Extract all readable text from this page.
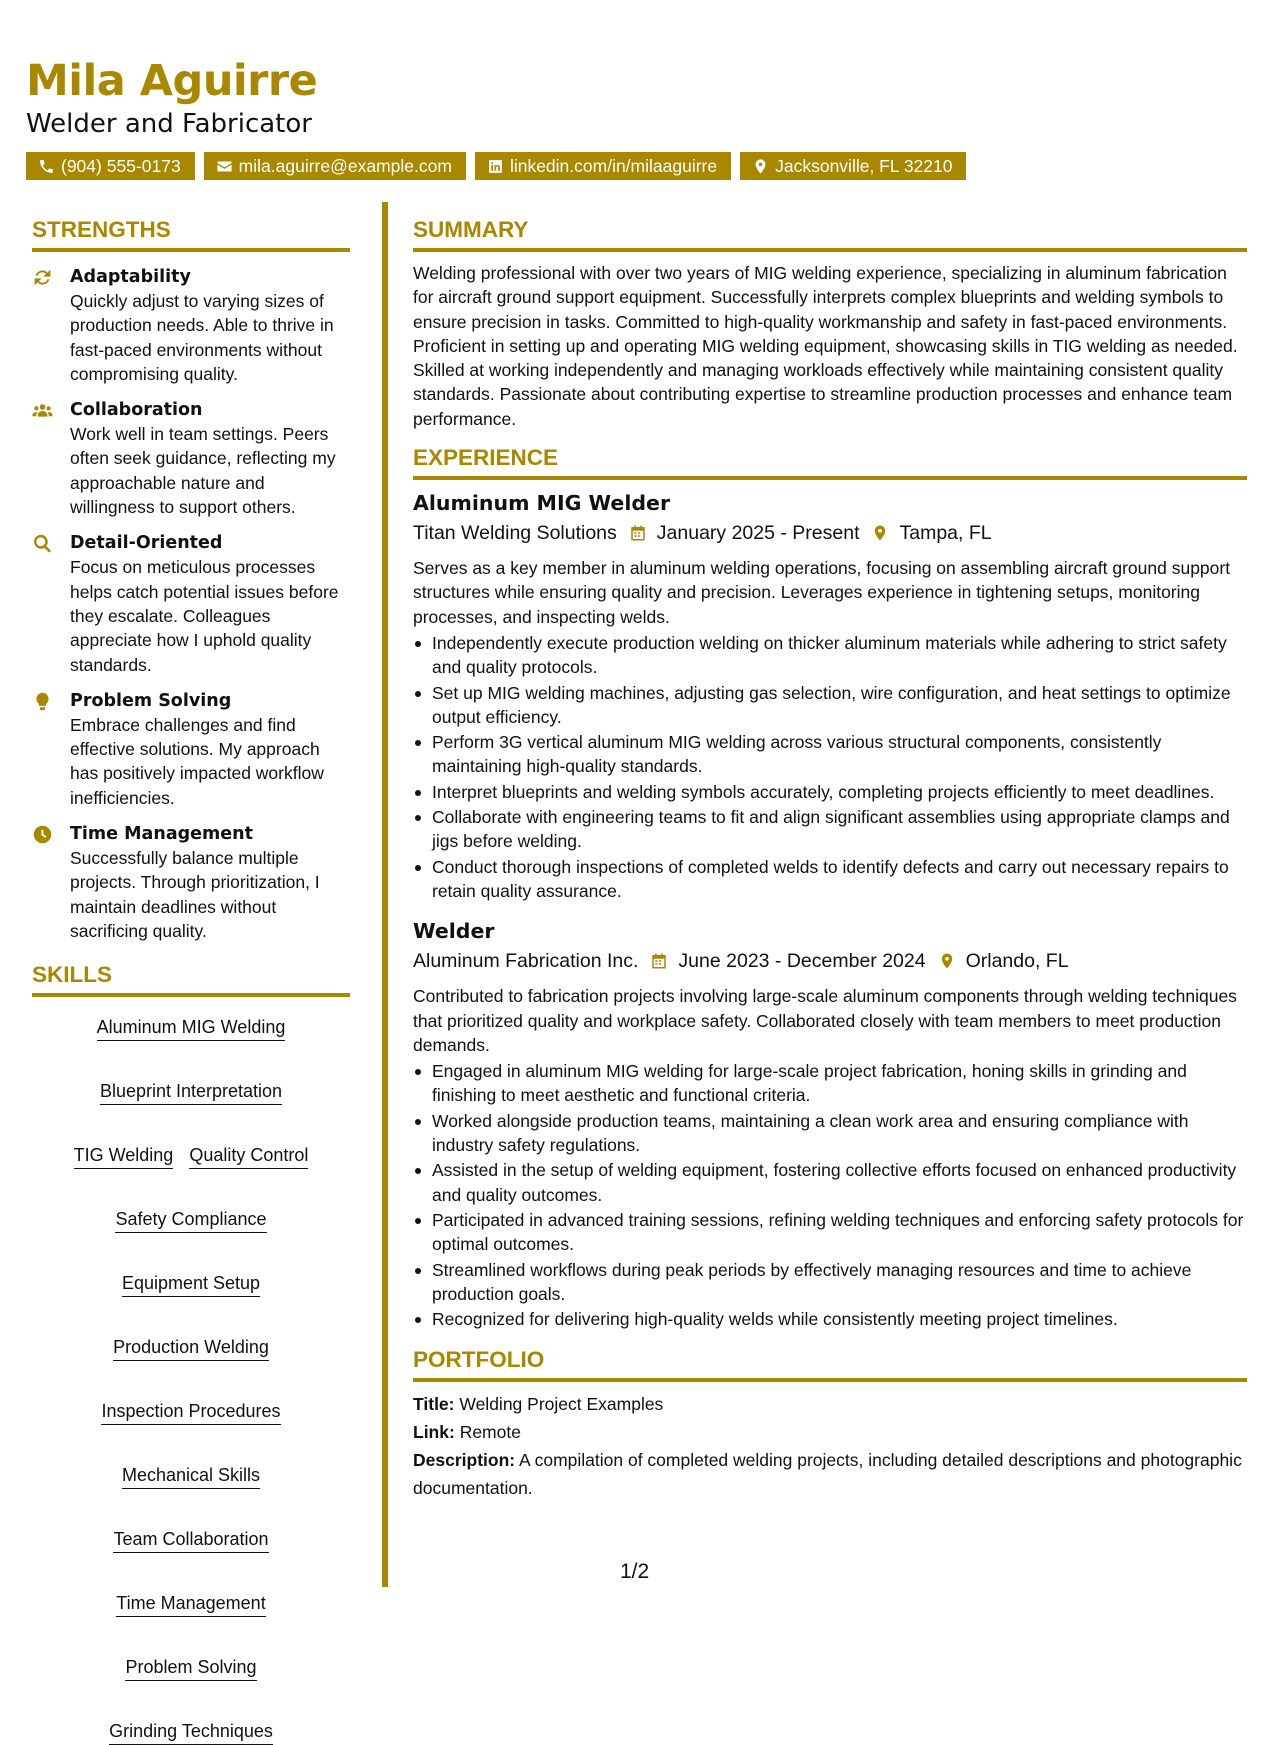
Mila Aguirre
Welder and Fabricator
(904) 555-0173	mila.aguirre@example.com	linkedin.com/in/milaaguirre	Jacksonville, FL 32210
STRENGTHS
Adaptability
Quickly adjust to varying sizes of production needs. Able to thrive in fast-paced environments without compromising quality.
Collaboration
Work well in team settings. Peers often seek guidance, reflecting my approachable nature and willingness to support others.
Detail-Oriented
Focus on meticulous processes helps catch potential issues before they escalate. Colleagues appreciate how I uphold quality standards.
Problem Solving
Embrace challenges and find effective solutions. My approach has positively impacted workflow inefficiencies.
Time Management
Successfully balance multiple projects. Through prioritization, I maintain deadlines without sacrificing quality.
SKILLS
Aluminum MIG Welding
Blueprint Interpretation
TIG Welding Quality Control
Safety Compliance
Equipment Setup
Production Welding
Inspection Procedures
Mechanical Skills
Team Collaboration
Time Management
Problem Solving
Grinding Techniques
SUMMARY
Welding professional with over two years of MIG welding experience, specializing in aluminum fabrication for aircraft ground support equipment. Successfully interprets complex blueprints and welding symbols to ensure precision in tasks. Committed to high-quality workmanship and safety in fast-paced environments. Proficient in setting up and operating MIG welding equipment, showcasing skills in TIG welding as needed. Skilled at working independently and managing workloads effectively while maintaining consistent quality standards. Passionate about contributing expertise to streamline production processes and enhance team performance.
EXPERIENCE
Aluminum MIG Welder
Titan Welding Solutions January 2025 - Present Tampa, FL
Serves as a key member in aluminum welding operations, focusing on assembling aircraft ground support structures while ensuring quality and precision. Leverages experience in tightening setups, monitoring processes, and inspecting welds.
Independently execute production welding on thicker aluminum materials while adhering to strict safety and quality protocols.
Set up MIG welding machines, adjusting gas selection, wire configuration, and heat settings to optimize output efficiency.
Perform 3G vertical aluminum MIG welding across various structural components, consistently maintaining high-quality standards.
Interpret blueprints and welding symbols accurately, completing projects efficiently to meet deadlines.
Collaborate with engineering teams to fit and align significant assemblies using appropriate clamps and jigs before welding.
Conduct thorough inspections of completed welds to identify defects and carry out necessary repairs to retain quality assurance.
Welder
Aluminum Fabrication Inc. June 2023 - December 2024 Orlando, FL
Contributed to fabrication projects involving large-scale aluminum components through welding techniques that prioritized quality and workplace safety. Collaborated closely with team members to meet production demands.
Engaged in aluminum MIG welding for large-scale project fabrication, honing skills in grinding and finishing to meet aesthetic and functional criteria.
Worked alongside production teams, maintaining a clean work area and ensuring compliance with industry safety regulations.
Assisted in the setup of welding equipment, fostering collective efforts focused on enhanced productivity and quality outcomes.
Participated in advanced training sessions, refining welding techniques and enforcing safety protocols for optimal outcomes.
Streamlined workflows during peak periods by effectively managing resources and time to achieve production goals.
Recognized for delivering high-quality welds while consistently meeting project timelines.
PORTFOLIO
Title: Welding Project Examples
Link: Remote
Description: A compilation of completed welding projects, including detailed descriptions and photographic documentation.
1/2
